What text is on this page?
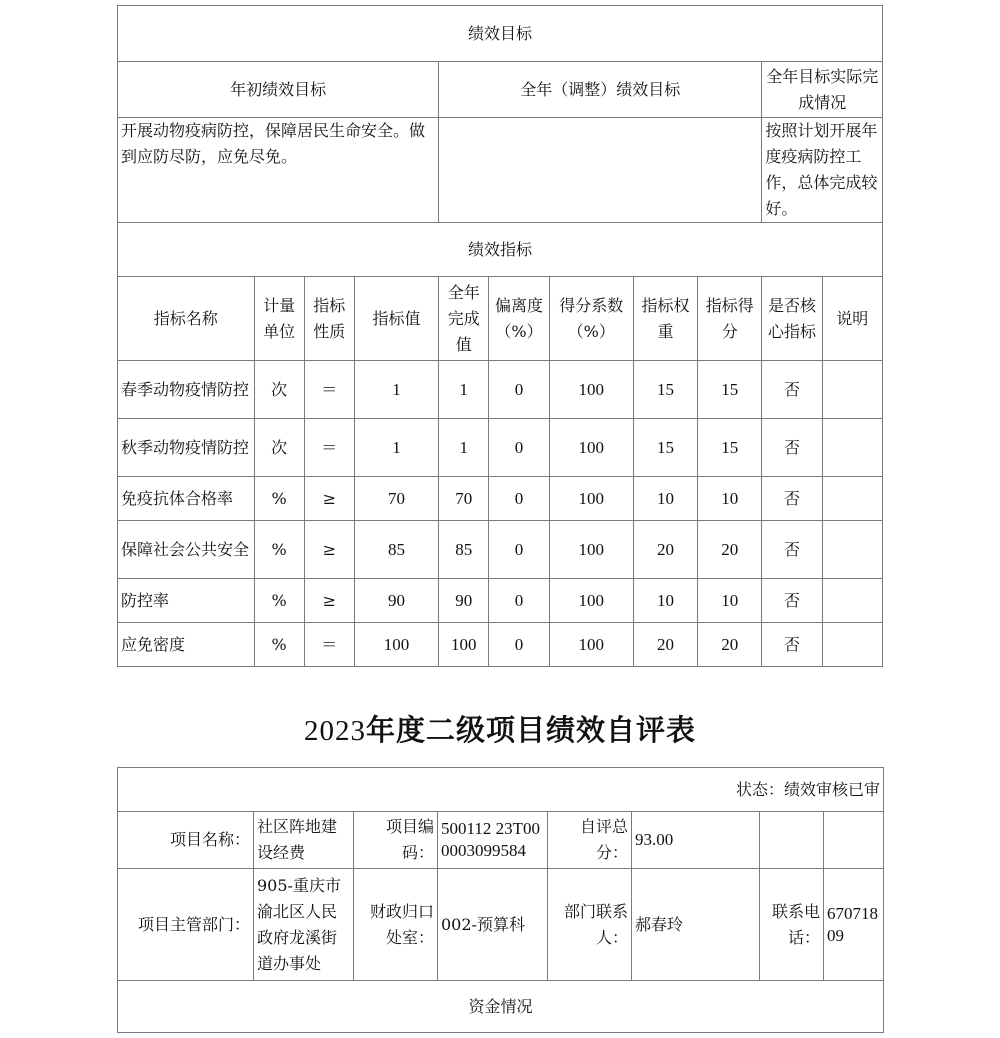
绩效目标										
年初绩效目标				全年（调整）绩效目标					全年目标实际完成情况	
开展动物疫病防控，保障居民生命安全。做到应防尽防，应免尽免。									按照计划开展年度疫病防控工作，总体完成较好。	
绩效指标										
指标名称	计量单位	指标性质	指标值	全年完成值	偏离度（%）	得分系数（%）	指标权重	指标得分	是否核心指标	说明
春季动物疫情防控	次	＝	1	1	0	100	15	15	否	
秋季动物疫情防控	次	＝	1	1	0	100	15	15	否	
免疫抗体合格率	%	≥	70	70	0	100	10	10	否	
保障社会公共安全	%	≥	85	85	0	100	20	20	否	
防控率	%	≥	90	90	0	100	10	10	否	
应免密度	%	＝	100	100	0	100	20	20	否	
2023年度二级项目绩效自评表
状态：绩效审核已审							
项目名称：	社区阵地建设经费	项目编码：	500112 23T000003099584	自评总分：	93.00		
项目主管部门：	905-重庆市渝北区人民政府龙溪街道办事处	财政归口处室：	002-预算科	部门联系人：	郝春玲	联系电话：	67071809
资金情况							
